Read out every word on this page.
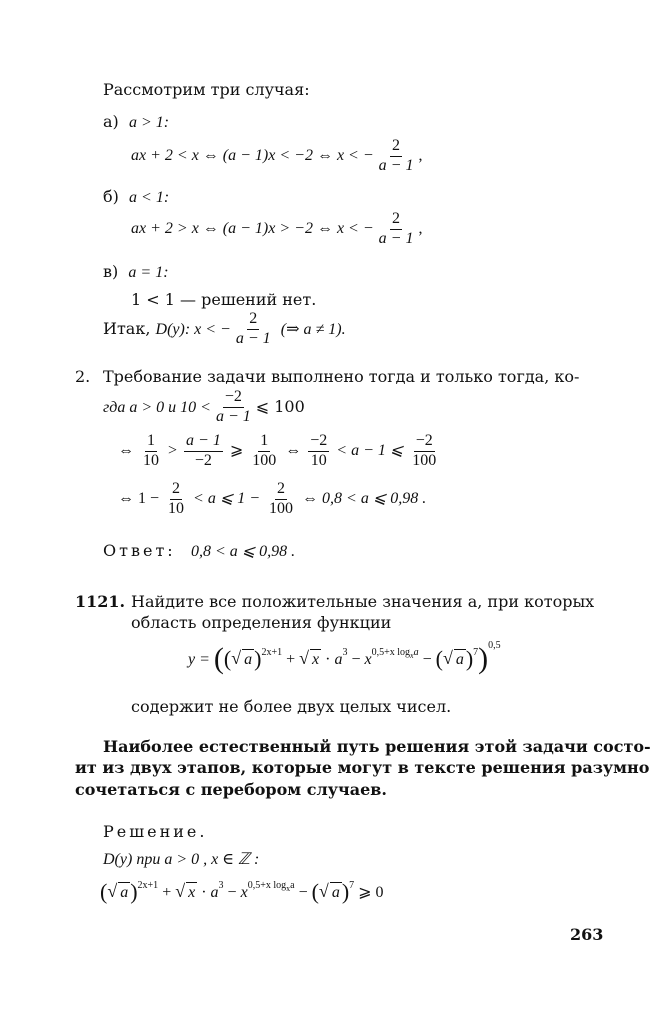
Рассмотрим три случая:
а) a > 1:
ax + 2 < x ⇔ (a − 1)x < −2 ⇔ x < − $\frac{2}{a - 1}$ ,
б) a < 1:
ax + 2 > x ⇔ (a − 1)x > −2 ⇔ x < − $\frac{2}{a - 1}$ ,
в) a = 1:
1 < 1 — решений нет.
Итак, D(y): x < − $\frac{2}{a - 1}$ (⇒ a ≠ 1).
2. Требование задачи выполнено тогда и только тогда, ко-
гда a > 0 и $10 < \frac{-2}{a - 1}$ ⩽ 100
⇔ $\frac{1}{10} > \frac{a - 1}{-2}$ ⩾ $\frac{1}{100}$ ⇔ $\frac{-2}{10} < a - 1$ ⩽ $\frac{-2}{100}$
⇔ $1 - \frac{2}{10} < a$ ⩽ $1 - \frac{2}{100}$ ⇔ 0,8 < a ⩽ 0,98 .
Ответ: 0,8 < a ⩽ 0,98 .
1121. Найдите все положительные значения a, при которых
область определения функции
y = ((√ a)$^{2x+1}$ + √ $x \cdot a^3 - x^{0,5+x log_xa}$ − (√ a)$^7$)$^{0,5}$
содержит не более двух целых чисел.
Наиболее естественный путь решения этой задачи состо-
ит из двух этапов, которые могут в тексте решения разумно
сочетаться с перебором случаев.
Решение.
D(y) при a > 0 , x ∈ ℤ :
(√ a)$^{2x+1}$ + √ $x \cdot a^3 - x^{0,5+x log_xa}$ − (√ a)$^7$ ⩾ 0
263
